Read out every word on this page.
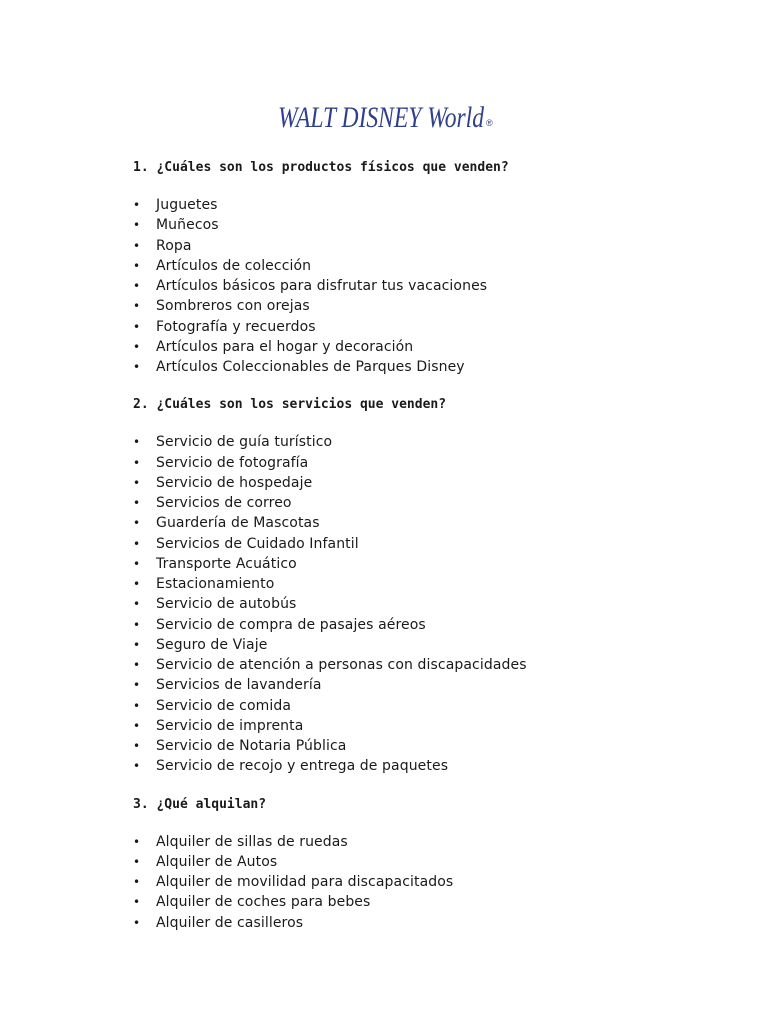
WALT DISNEY World ®

1. ¿Cuáles son los productos físicos que venden?

• Juguetes
• Muñecos
• Ropa
• Artículos de colección
• Artículos básicos para disfrutar tus vacaciones
• Sombreros con orejas
• Fotografía y recuerdos
• Artículos para el hogar y decoración
• Artículos Coleccionables de Parques Disney

2. ¿Cuáles son los servicios que venden?

• Servicio de guía turístico
• Servicio de fotografía
• Servicio de hospedaje
• Servicios de correo
• Guardería de Mascotas
• Servicios de Cuidado Infantil
• Transporte Acuático
• Estacionamiento
• Servicio de autobús
• Servicio de compra de pasajes aéreos
• Seguro de Viaje
• Servicio de atención a personas con discapacidades
• Servicios de lavandería
• Servicio de comida
• Servicio de imprenta
• Servicio de Notaria Pública
• Servicio de recojo y entrega de paquetes

3. ¿Qué alquilan?

• Alquiler de sillas de ruedas
• Alquiler de Autos
• Alquiler de movilidad para discapacitados
• Alquiler de coches para bebes
• Alquiler de casilleros
